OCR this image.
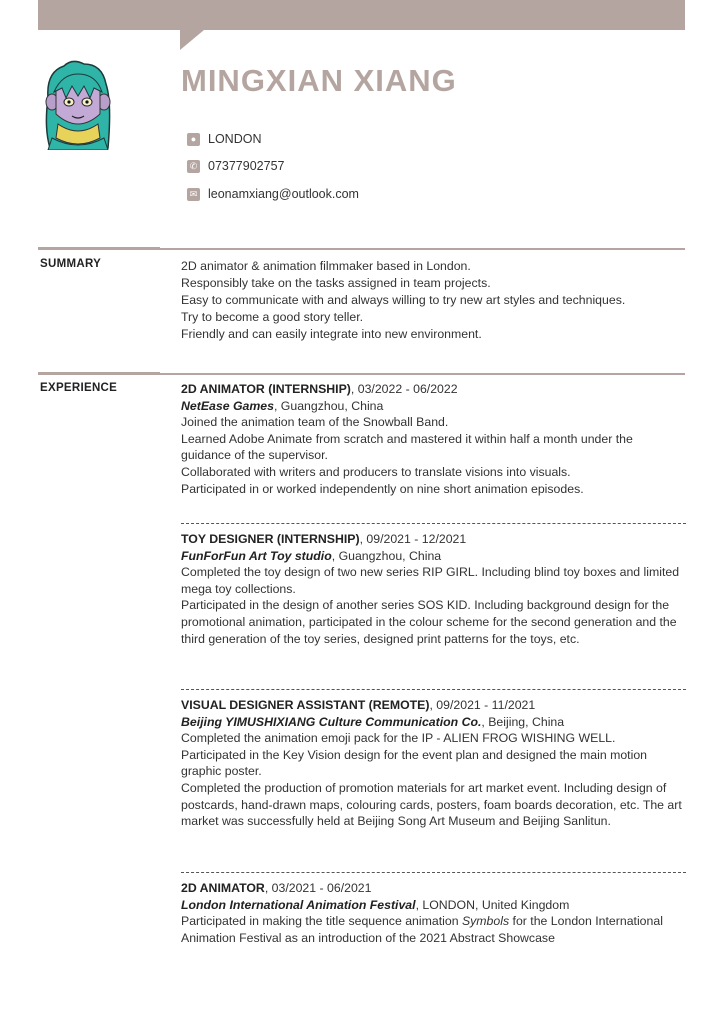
MINGXIAN XIANG
● LONDON
✆ 07377902757
✉ leonamxiang@outlook.com
SUMMARY	2D animator & animation filmmaker based in London.

Responsibly take on the tasks assigned in team projects.

Easy to communicate with and always willing to try new art styles and techniques.

Try to become a good story teller.

Friendly and can easily integrate into new environment.

EXPERIENCE	2D ANIMATOR (INTERNSHIP), 03/2022 - 06/2022

NetEase Games, Guangzhou, China

Joined the animation team of the Snowball Band.

Learned Adobe Animate from scratch and mastered it within half a month under the guidance of the supervisor.

Collaborated with writers and producers to translate visions into visuals.

Participated in or worked independently on nine short animation episodes.

TOY DESIGNER (INTERNSHIP), 09/2021 - 12/2021

FunForFun Art Toy studio, Guangzhou, China

Completed the toy design of two new series RIP GIRL. Including blind toy boxes and limited mega toy collections.

Participated in the design of another series SOS KID. Including background design for the promotional animation, participated in the colour scheme for the second generation and the third generation of the toy series, designed print patterns for the toys, etc.

VISUAL DESIGNER ASSISTANT (REMOTE), 09/2021 - 11/2021

Beijing YIMUSHIXIANG Culture Communication Co., Beijing, China

Completed the animation emoji pack for the IP - ALIEN FROG WISHING WELL.

Participated in the Key Vision design for the event plan and designed the main motion graphic poster.

Completed the production of promotion materials for art market event. Including design of postcards, hand-drawn maps, colouring cards, posters, foam boards decoration, etc. The art market was successfully held at Beijing Song Art Museum and Beijing Sanlitun.

2D ANIMATOR, 03/2021 - 06/2021

London International Animation Festival, LONDON, United Kingdom

Participated in making the title sequence animation Symbols for the London International Animation Festival as an introduction of the 2021 Abstract Showcase
